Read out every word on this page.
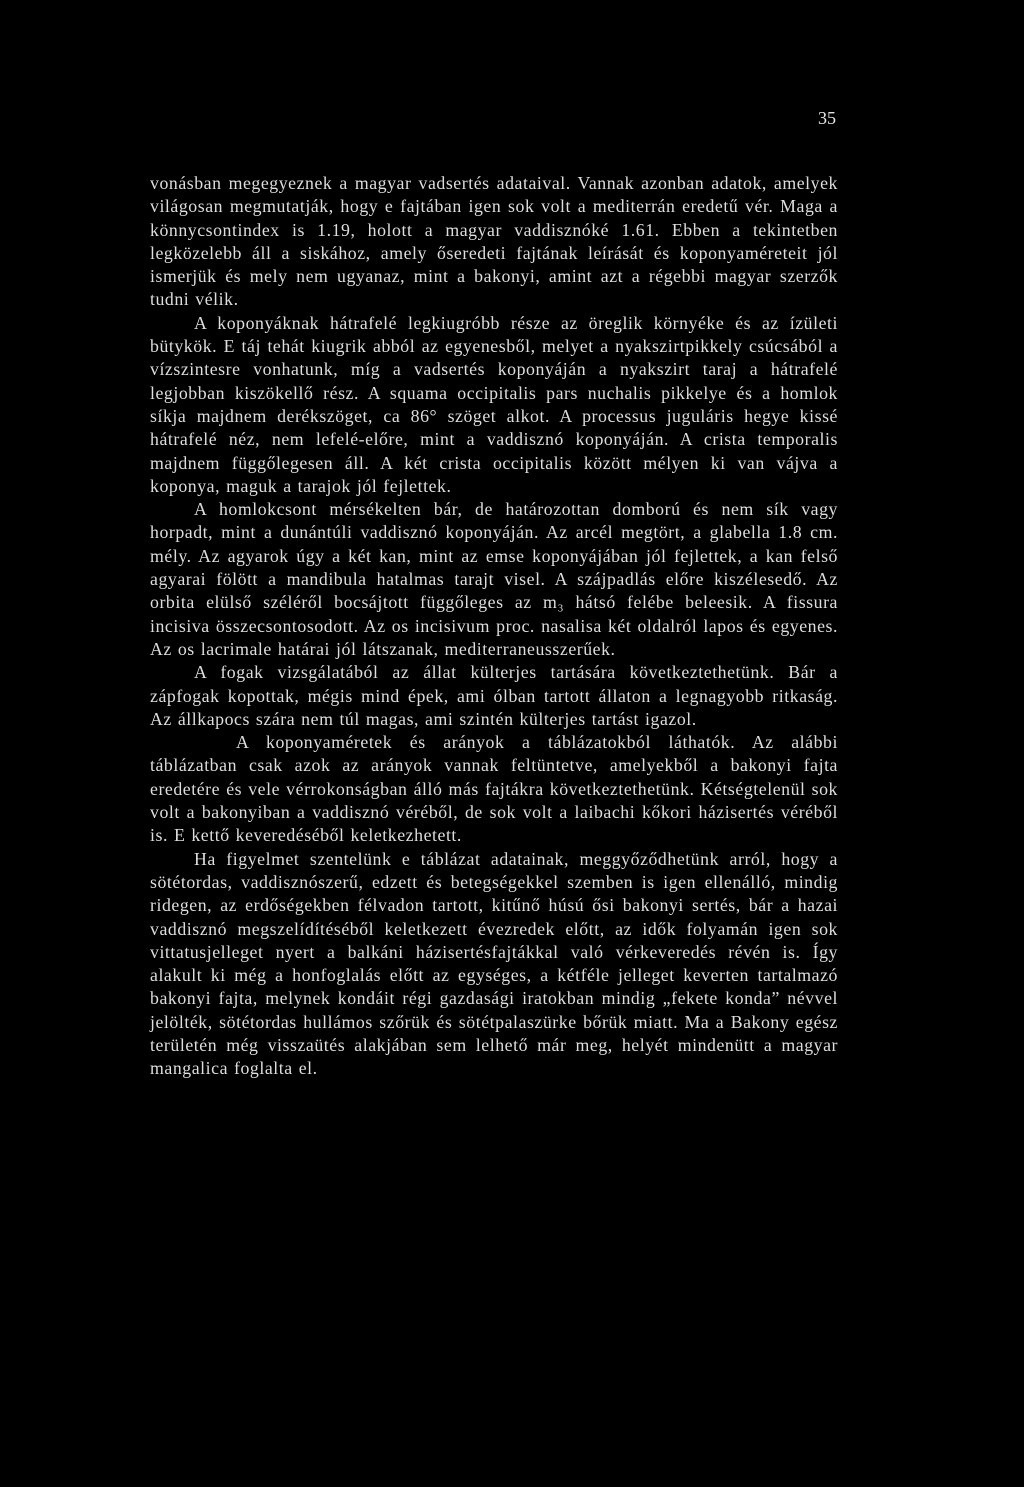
35

vonásban megegyeznek a magyar vadsertés adataival. Vannak azonban adatok, amelyek világosan megmutatják, hogy e fajtában igen sok volt a mediterrán eredetű vér. Maga a könnycsontindex is 1.19, holott a magyar vaddisznóké 1.61. Ebben a tekintetben legközelebb áll a siskához, amely őseredeti fajtának leírását és koponyaméreteit jól ismerjük és mely nem ugyanaz, mint a bakonyi, amint azt a régebbi magyar szerzők tudni vélik.

A koponyáknak hátrafelé legkiugróbb része az öreglik környéke és az ízületi bütykök. E táj tehát kiugrik abból az egyenesből, melyet a nyakszirtpikkely csúcsából a vízszintesre vonhatunk, míg a vadsertés koponyáján a nyakszirt taraj a hátrafelé legjobban kiszökellő rész. A squama occipitalis pars nuchalis pikkelye és a homlok síkja majdnem derékszöget, ca 86° szöget alkot. A processus juguláris hegye kissé hátrafelé néz, nem lefelé-előre, mint a vaddisznó koponyáján. A crista temporalis majdnem függőlegesen áll. A két crista occipitalis között mélyen ki van vájva a koponya, maguk a tarajok jól fejlettek.

A homlokcsont mérsékelten bár, de határozottan domború és nem sík vagy horpadt, mint a dunántúli vaddisznó koponyáján. Az arcél megtört, a glabella 1.8 cm. mély. Az agyarok úgy a két kan, mint az emse koponyájában jól fejlettek, a kan felső agyarai fölött a mandibula hatalmas tarajt visel. A szájpadlás előre kiszélesedő. Az orbita elülső széléről bocsájtott függőleges az m₃ hátsó felébe beleesik. A fissura incisiva összecsontosodott. Az os incisivum proc. nasalisa két oldalról lapos és egyenes. Az os lacrimale határai jól látszanak, mediterraneusszerűek.

A fogak vizsgálatából az állat külterjes tartására következtethetünk. Bár a zápfogak kopottak, mégis mind épek, ami ólban tartott állaton a legnagyobb ritkaság. Az állkapocs szára nem túl magas, ami szintén külterjes tartást igazol.

A koponyaméretek és arányok a táblázatokból láthatók. Az alábbi táblázatban csak azok az arányok vannak feltüntetve, amelyekből a bakonyi fajta eredetére és vele vérrokonságban álló más fajtákra következtethetünk. Kétségtelenül sok volt a bakonyiban a vaddisznó véréből, de sok volt a laibachi kőkori házisertés véréből is. E kettő keveredéséből keletkezhetett.

Ha figyelmet szentelünk e táblázat adatainak, meggyőződhetünk arról, hogy a sötétordas, vaddisznószerű, edzett és betegségekkel szemben is igen ellenálló, mindig ridegen, az erdőségekben félvadon tartott, kitűnő húsú ősi bakonyi sertés, bár a hazai vaddisznó megszelídítéséből keletkezett évezredek előtt, az idők folyamán igen sok vittatusjelleget nyert a balkáni házisertésfajtákkal való vérkeveredés révén is. Így alakult ki még a honfoglalás előtt az egységes, a kétféle jelleget keverten tartalmazó bakonyi fajta, melynek kondáit régi gazdasági iratokban mindig „fekete konda” névvel jelölték, sötétordas hullámos szőrük és sötétpalaszürke bőrük miatt. Ma a Bakony egész területén még visszaütés alakjában sem lelhető már meg, helyét mindenütt a magyar mangalica foglalta el.
